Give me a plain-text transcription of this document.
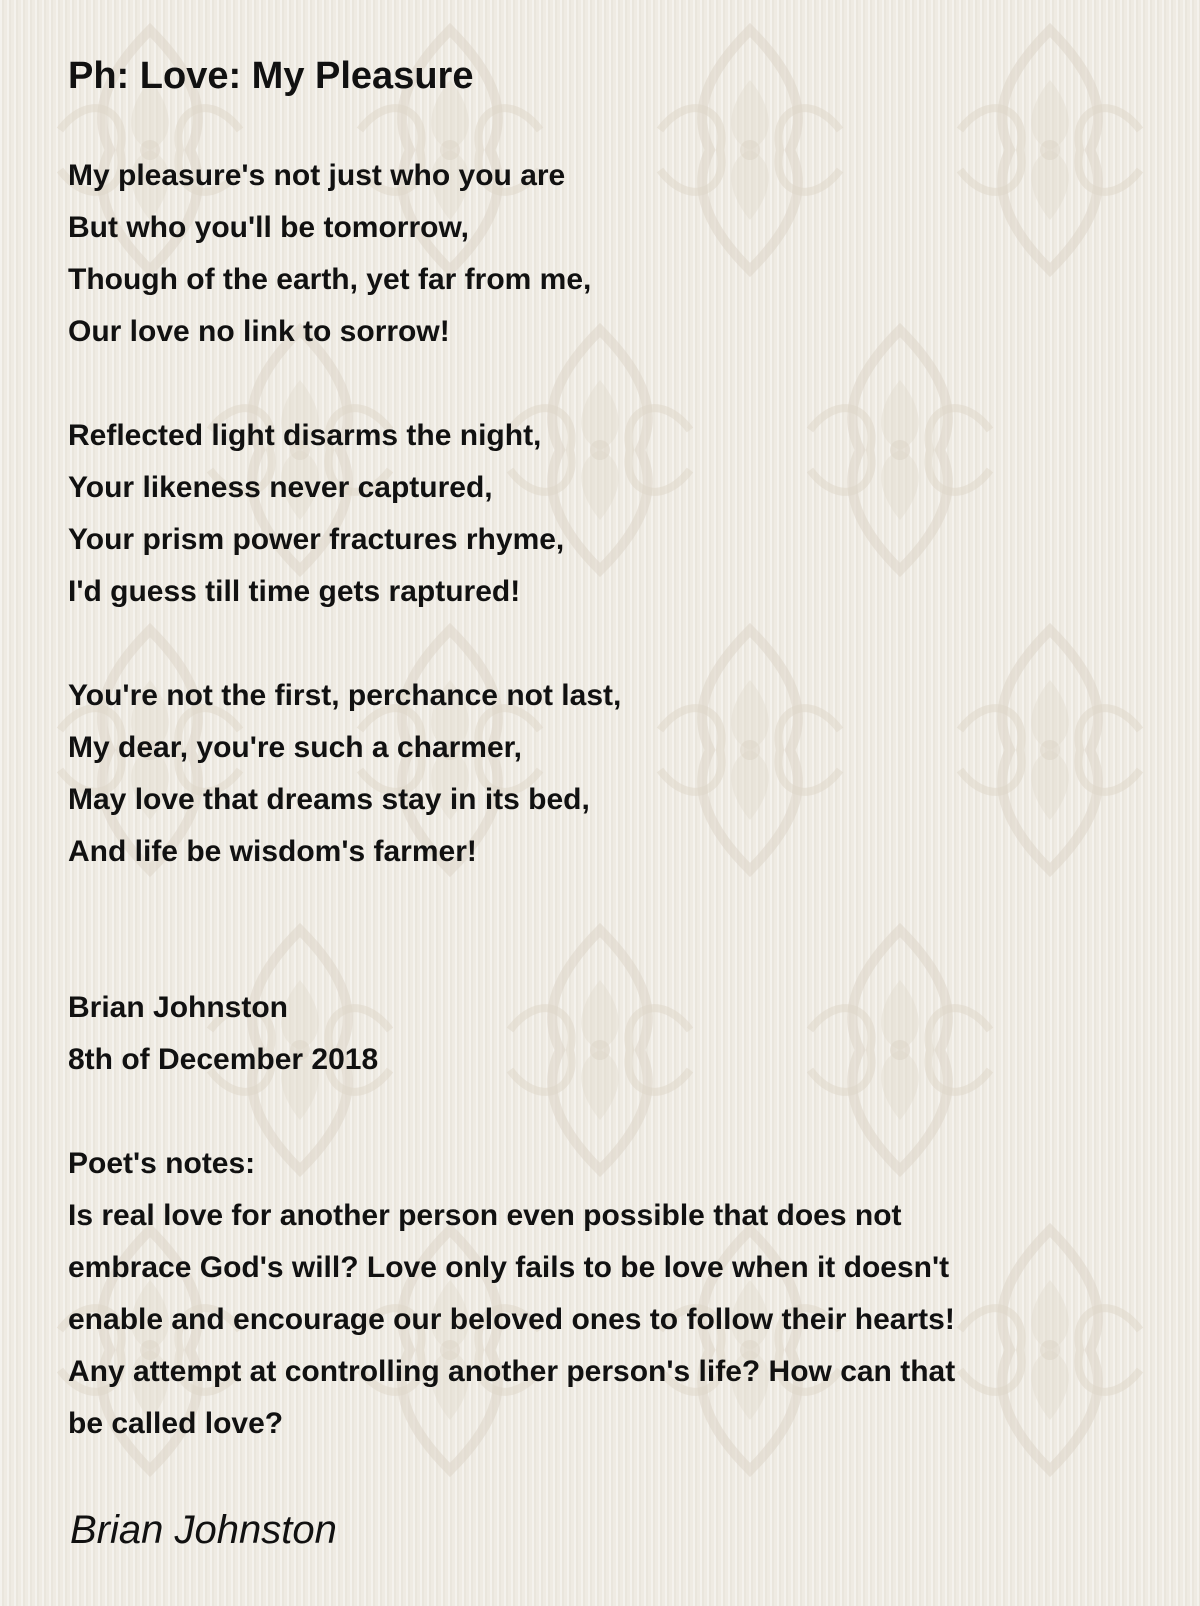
Ph: Love: My Pleasure
My pleasure's not just who you are
But who you'll be tomorrow,
Though of the earth, yet far from me,
Our love no link to sorrow!
Reflected light disarms the night,
Your likeness never captured,
Your prism power fractures rhyme,
I'd guess till time gets raptured!
You're not the first, perchance not last,
My dear, you're such a charmer,
May love that dreams stay in its bed,
And life be wisdom's farmer!
Brian Johnston
8th of December 2018
Poet's notes:
Is real love for another person even possible that does not
embrace God's will? Love only fails to be love when it doesn't
enable and encourage our beloved ones to follow their hearts!
Any attempt at controlling another person's life? How can that
be called love?
Brian Johnston
